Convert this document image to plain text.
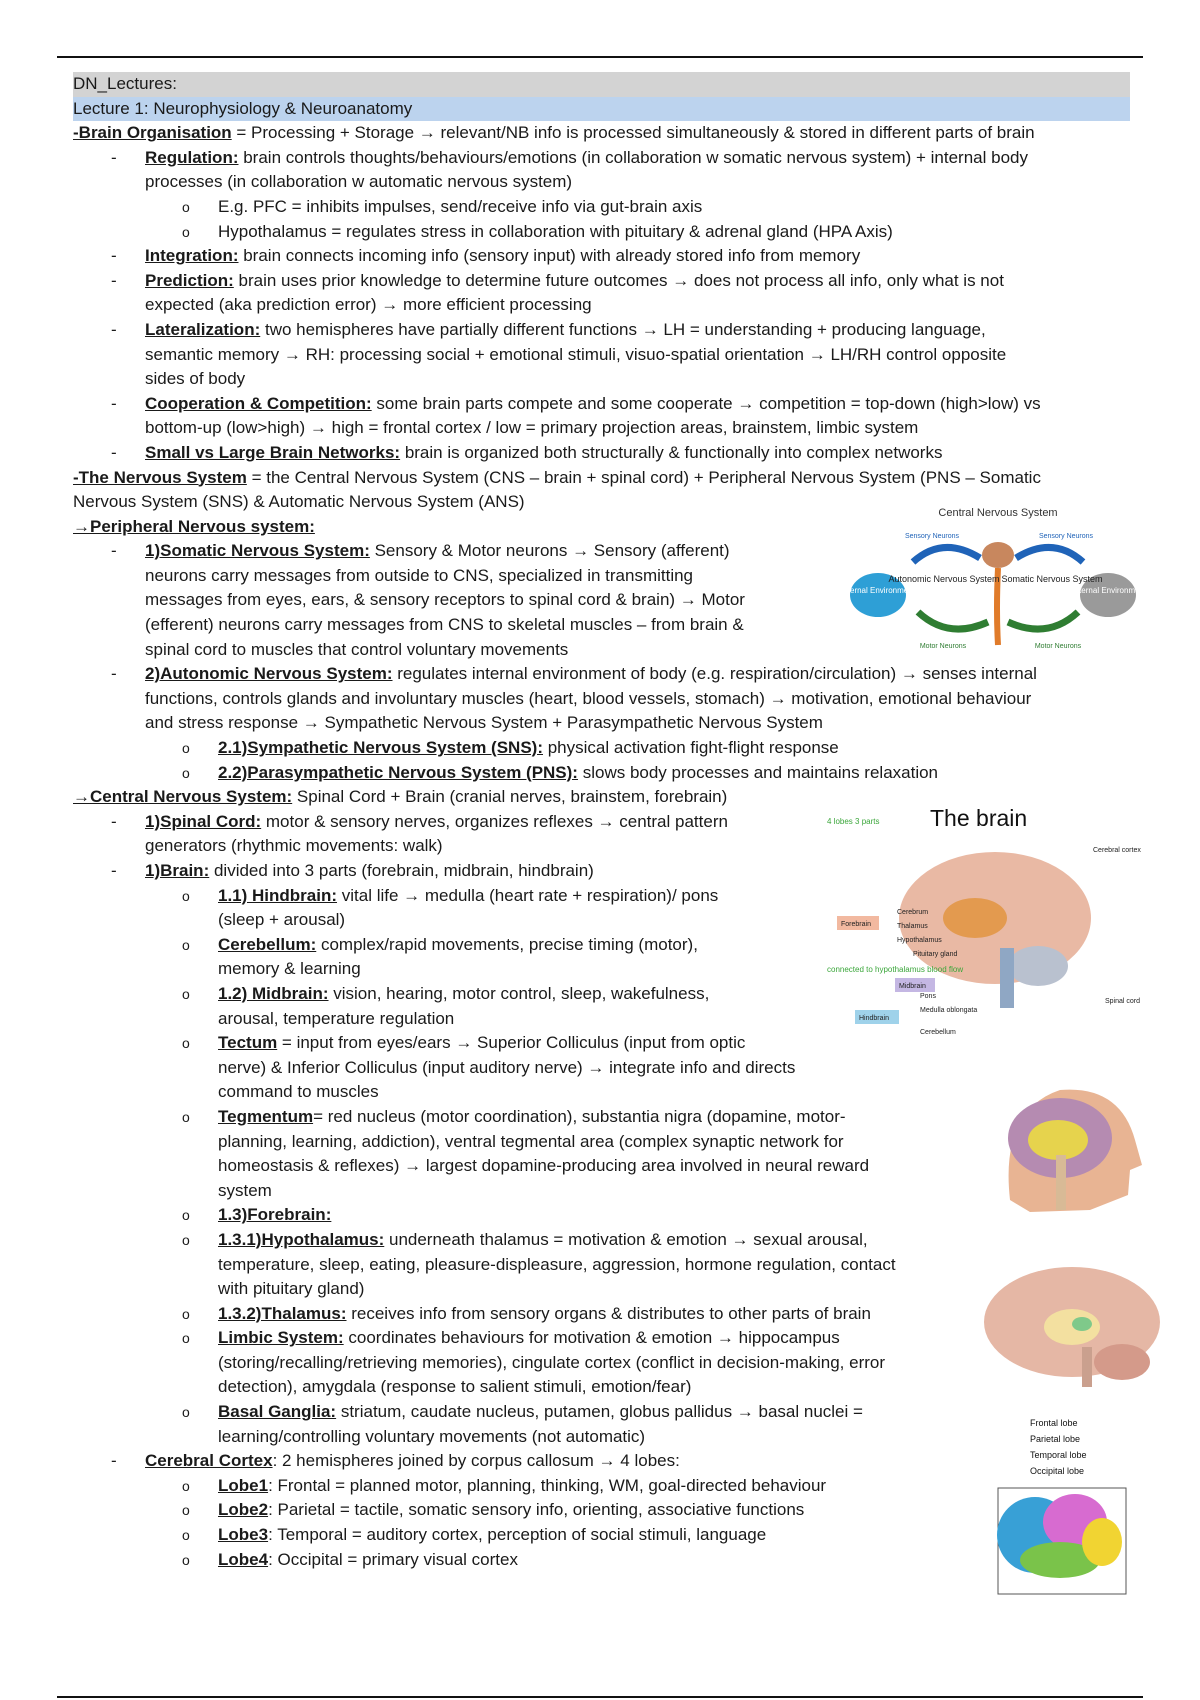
DN_Lectures:
Lecture 1: Neurophysiology & Neuroanatomy
-Brain Organisation = Processing + Storage → relevant/NB info is processed simultaneously & stored in different parts of brain
- Regulation: brain controls thoughts/behaviours/emotions (in collaboration w somatic nervous system) + internal body
processes (in collaboration w automatic nervous system)
o E.g. PFC = inhibits impulses, send/receive info via gut-brain axis
o Hypothalamus = regulates stress in collaboration with pituitary & adrenal gland (HPA Axis)
- Integration: brain connects incoming info (sensory input) with already stored info from memory
- Prediction: brain uses prior knowledge to determine future outcomes → does not process all info, only what is not
expected (aka prediction error) → more efficient processing
- Lateralization: two hemispheres have partially different functions → LH = understanding + producing language,
semantic memory → RH: processing social + emotional stimuli, visuo-spatial orientation → LH/RH control opposite
sides of body
- Cooperation & Competition: some brain parts compete and some cooperate → competition = top-down (high>low) vs
bottom-up (low>high) → high = frontal cortex / low = primary projection areas, brainstem, limbic system
- Small vs Large Brain Networks: brain is organized both structurally & functionally into complex networks
-The Nervous System = the Central Nervous System (CNS – brain + spinal cord) + Peripheral Nervous System (PNS – Somatic
Nervous System (SNS) & Automatic Nervous System (ANS)
→Peripheral Nervous system:
- 1)Somatic Nervous System: Sensory & Motor neurons → Sensory (afferent)
neurons carry messages from outside to CNS, specialized in transmitting
messages from eyes, ears, & sensory receptors to spinal cord & brain) → Motor
(efferent) neurons carry messages from CNS to skeletal muscles – from brain &
spinal cord to muscles that control voluntary movements
- 2)Autonomic Nervous System: regulates internal environment of body (e.g. respiration/circulation) → senses internal
functions, controls glands and involuntary muscles (heart, blood vessels, stomach) → motivation, emotional behaviour
and stress response → Sympathetic Nervous System + Parasympathetic Nervous System
o 2.1)Sympathetic Nervous System (SNS): physical activation fight-flight response
o 2.2)Parasympathetic Nervous System (PNS): slows body processes and maintains relaxation
→Central Nervous System: Spinal Cord + Brain (cranial nerves, brainstem, forebrain)
- 1)Spinal Cord: motor & sensory nerves, organizes reflexes → central pattern
generators (rhythmic movements: walk)
- 1)Brain: divided into 3 parts (forebrain, midbrain, hindbrain)
o 1.1) Hindbrain: vital life → medulla (heart rate + respiration)/ pons
(sleep + arousal)
o Cerebellum: complex/rapid movements, precise timing (motor),
memory & learning
o 1.2) Midbrain: vision, hearing, motor control, sleep, wakefulness,
arousal, temperature regulation
o Tectum = input from eyes/ears → Superior Colliculus (input from optic
nerve) & Inferior Colliculus (input auditory nerve) → integrate info and directs
command to muscles
o Tegmentum= red nucleus (motor coordination), substantia nigra (dopamine, motor-
planning, learning, addiction), ventral tegmental area (complex synaptic network for
homeostasis & reflexes) → largest dopamine-producing area involved in neural reward
system
o 1.3)Forebrain:
o 1.3.1)Hypothalamus: underneath thalamus = motivation & emotion → sexual arousal,
temperature, sleep, eating, pleasure-displeasure, aggression, hormone regulation, contact
with pituitary gland)
o 1.3.2)Thalamus: receives info from sensory organs & distributes to other parts of brain
o Limbic System: coordinates behaviours for motivation & emotion → hippocampus
(storing/recalling/retrieving memories), cingulate cortex (conflict in decision-making, error
detection), amygdala (response to salient stimuli, emotion/fear)
o Basal Ganglia: striatum, caudate nucleus, putamen, globus pallidus → basal nuclei =
learning/controlling voluntary movements (not automatic)
- Cerebral Cortex: 2 hemispheres joined by corpus callosum → 4 lobes:
o Lobe1: Frontal = planned motor, planning, thinking, WM, goal-directed behaviour
o Lobe2: Parietal = tactile, somatic sensory info, orienting, associative functions
o Lobe3: Temporal = auditory cortex, perception of social stimuli, language
o Lobe4: Occipital = primary visual cortex
Central Nervous System
Internal Environment	External Environment
Autonomic Nervous System Somatic Nervous System
Sensory Neurons	Sensory Neurons
Motor Neurons	Motor Neurons
4 lobes 3 parts The brain
Cerebral cortex
Forebrain
Cerebrum
Thalamus
Hypothalamus
Pituitary gland
connected to hypothalamus blood flow
Midbrain
Hindbrain
Pons
Medulla oblongata
Cerebellum
Spinal cord
Frontal lobe
Parietal lobe
Temporal lobe
Occipital lobe
